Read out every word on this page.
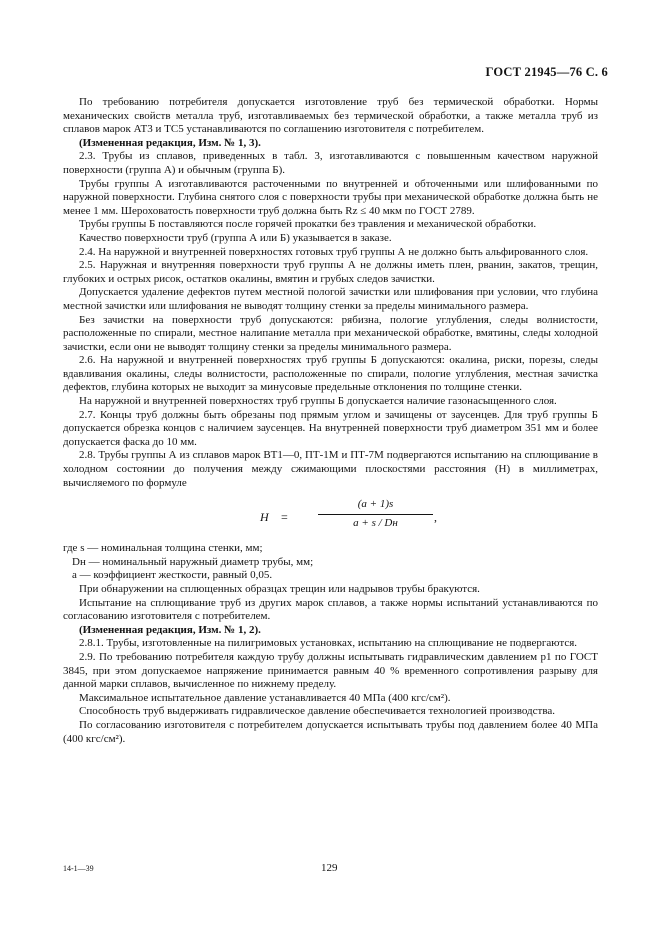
ГОСТ 21945—76 С. 6

По требованию потребителя допускается изготовление труб без термической обработки. Нормы механических свойств металла труб, изготавливаемых без термической обработки, а также металла труб из сплавов марок АТ3 и ТС5 устанавливаются по соглашению изготовителя с потребителем.

(Измененная редакция, Изм. № 1, 3).

2.3. Трубы из сплавов, приведенных в табл. 3, изготавливаются с повышенным качеством наружной поверхности (группа А) и обычным (группа Б).

Трубы группы А изготавливаются расточенными по внутренней и обточенными или шлифованными по наружной поверхности. Глубина снятого слоя с поверхности трубы при механической обработке должна быть не менее 1 мм. Шероховатость поверхности труб должна быть Rz ≤ 40 мкм по ГОСТ 2789.

Трубы группы Б поставляются после горячей прокатки без травления и механической обработки.

Качество поверхности труб (группа А или Б) указывается в заказе.

2.4. На наружной и внутренней поверхностях готовых труб группы А не должно быть альфированного слоя.

2.5. Наружная и внутренняя поверхности труб группы А не должны иметь плен, рванин, закатов, трещин, глубоких и острых рисок, остатков окалины, вмятин и грубых следов зачистки.

Допускается удаление дефектов путем местной пологой зачистки или шлифования при условии, что глубина местной зачистки или шлифования не выводят толщину стенки за пределы минимального размера.

Без зачистки на поверхности труб допускаются: рябизна, пологие углубления, следы волнистости, расположенные по спирали, местное налипание металла при механической обработке, вмятины, следы холодной зачистки, если они не выводят толщину стенки за пределы минимального размера.

2.6. На наружной и внутренней поверхностях труб группы Б допускаются: окалина, риски, порезы, следы вдавливания окалины, следы волнистости, расположенные по спирали, пологие углубления, местная зачистка дефектов, глубина которых не выходит за минусовые предельные отклонения по толщине стенки.

На наружной и внутренней поверхностях труб группы Б допускается наличие газонасыщенного слоя.

2.7. Концы труб должны быть обрезаны под прямым углом и зачищены от заусенцев. Для труб группы Б допускается обрезка концов с наличием заусенцев. На внутренней поверхности труб диаметром 351 мм и более допускается фаска до 10 мм.

2.8. Трубы группы А из сплавов марок ВТ1—0, ПТ-1М и ПТ-7М подвергаются испытанию на сплющивание в холодном состоянии до получения между сжимающими плоскостями расстояния (H) в миллиметрах, вычисляемого по формуле

H =
(a + 1)s
a + s / Dн	,

где s — номинальная толщина стенки, мм;

Dн — номинальный наружный диаметр трубы, мм;

a — коэффициент жесткости, равный 0,05.

При обнаружении на сплющенных образцах трещин или надрывов трубы бракуются.

Испытание на сплющивание труб из других марок сплавов, а также нормы испытаний устанавливаются по согласованию изготовителя с потребителем.

(Измененная редакция, Изм. № 1, 2).

2.8.1. Трубы, изготовленные на пилигримовых установках, испытанию на сплющивание не подвергаются.

2.9. По требованию потребителя каждую трубу должны испытывать гидравлическим давлением p1 по ГОСТ 3845, при этом допускаемое напряжение принимается равным 40 % временного сопротивления разрыву для данной марки сплавов, вычисленное по нижнему пределу.

Максимальное испытательное давление устанавливается 40 МПа (400 кгс/см²).

Способность труб выдерживать гидравлическое давление обеспечивается технологией производства.

По согласованию изготовителя с потребителем допускается испытывать трубы под давлением более 40 МПа (400 кгс/см²).

14-1—39	129
